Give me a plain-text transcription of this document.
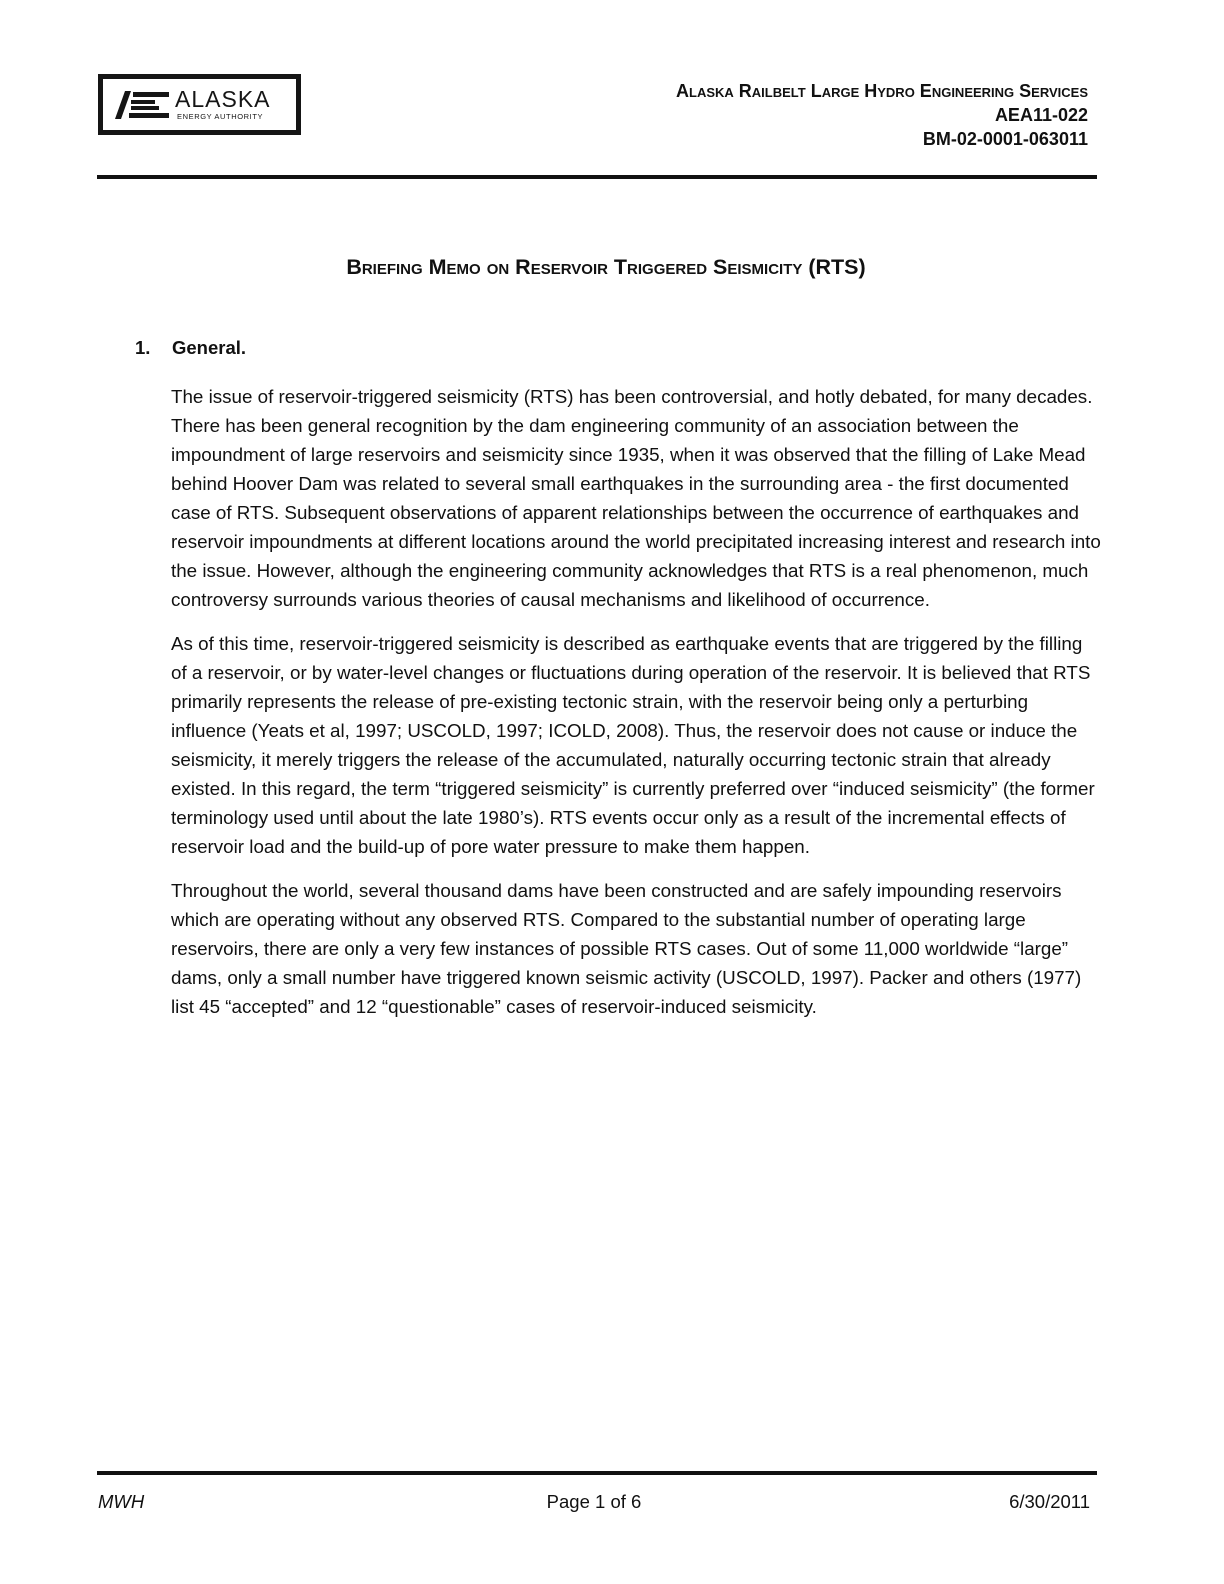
ALASKA
ENERGY AUTHORITY
Alaska Railbelt Large Hydro Engineering Services
AEA11-022
BM-02-0001-063011
Briefing Memo on Reservoir Triggered Seismicity (RTS)
1. General.

The issue of reservoir-triggered seismicity (RTS) has been controversial, and hotly debated, for many decades. There has been general recognition by the dam engineering community of an association between the impoundment of large reservoirs and seismicity since 1935, when it was observed that the filling of Lake Mead behind Hoover Dam was related to several small earthquakes in the surrounding area - the first documented case of RTS. Subsequent observations of apparent relationships between the occurrence of earthquakes and reservoir impoundments at different locations around the world precipitated increasing interest and research into the issue. However, although the engineering community acknowledges that RTS is a real phenomenon, much controversy surrounds various theories of causal mechanisms and likelihood of occurrence.

As of this time, reservoir-triggered seismicity is described as earthquake events that are triggered by the filling of a reservoir, or by water-level changes or fluctuations during operation of the reservoir. It is believed that RTS primarily represents the release of pre-existing tectonic strain, with the reservoir being only a perturbing influence (Yeats et al, 1997; USCOLD, 1997; ICOLD, 2008). Thus, the reservoir does not cause or induce the seismicity, it merely triggers the release of the accumulated, naturally occurring tectonic strain that already existed. In this regard, the term “triggered seismicity” is currently preferred over “induced seismicity” (the former terminology used until about the late 1980’s). RTS events occur only as a result of the incremental effects of reservoir load and the build-up of pore water pressure to make them happen.

Throughout the world, several thousand dams have been constructed and are safely impounding reservoirs which are operating without any observed RTS. Compared to the substantial number of operating large reservoirs, there are only a very few instances of possible RTS cases. Out of some 11,000 worldwide “large” dams, only a small number have triggered known seismic activity (USCOLD, 1997). Packer and others (1977) list 45 “accepted” and 12 “questionable” cases of reservoir-induced seismicity.

MWH	Page 1 of 6	6/30/2011
